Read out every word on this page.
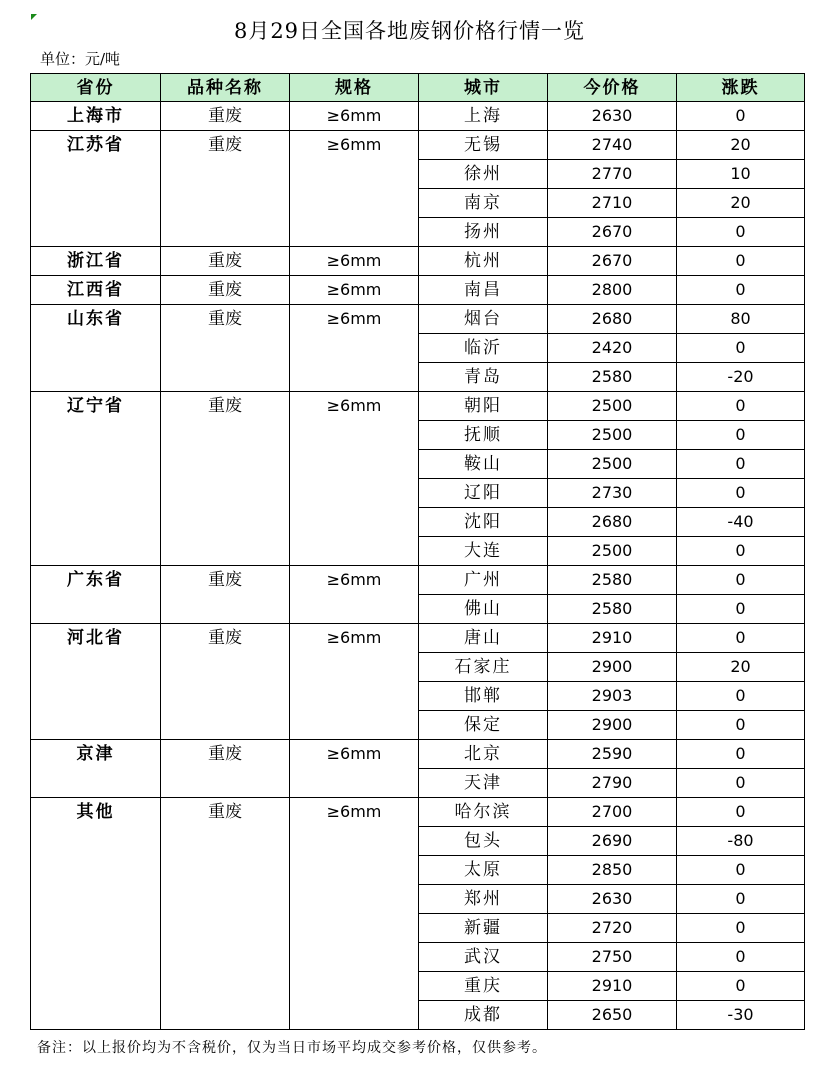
8月29日全国各地废钢价格行情一览
单位：元/吨
省份	品种名称	规格	城市	今价格	涨跌
上海市	重废	≥6mm	上海	2630	0
江苏省	重废	≥6mm	无锡	2740	20
			徐州	2770	10
			南京	2710	20
			扬州	2670	0
浙江省	重废	≥6mm	杭州	2670	0
江西省	重废	≥6mm	南昌	2800	0
山东省	重废	≥6mm	烟台	2680	80
			临沂	2420	0
			青岛	2580	-20
辽宁省	重废	≥6mm	朝阳	2500	0
			抚顺	2500	0
			鞍山	2500	0
			辽阳	2730	0
			沈阳	2680	-40
			大连	2500	0
广东省	重废	≥6mm	广州	2580	0
			佛山	2580	0
河北省	重废	≥6mm	唐山	2910	0
			石家庄	2900	20
			邯郸	2903	0
			保定	2900	0
京津	重废	≥6mm	北京	2590	0
			天津	2790	0
其他	重废	≥6mm	哈尔滨	2700	0
			包头	2690	-80
			太原	2850	0
			郑州	2630	0
			新疆	2720	0
			武汉	2750	0
			重庆	2910	0
			成都	2650	-30
备注：以上报价均为不含税价，仅为当日市场平均成交参考价格，仅供参考。
